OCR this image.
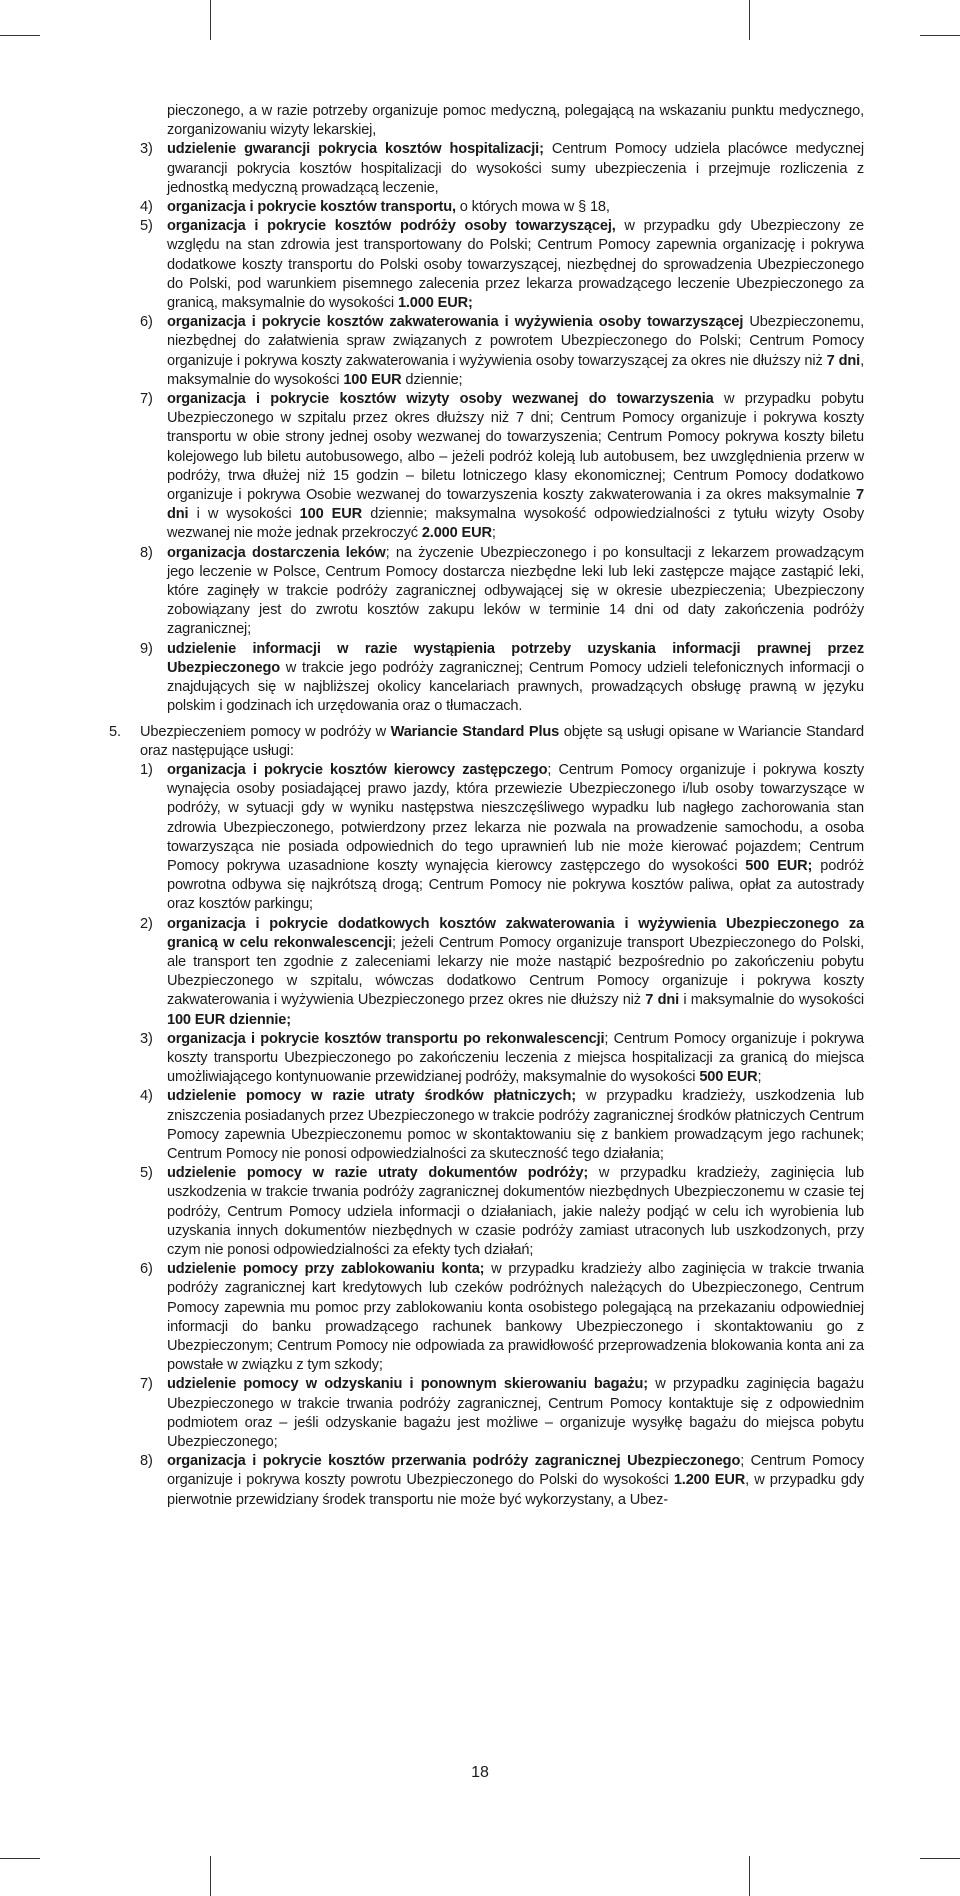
pieczonego, a w razie potrzeby organizuje pomoc medyczną, polegającą na wskazaniu punktu medycznego, zorganizowaniu wizyty lekarskiej,
3) udzielenie gwarancji pokrycia kosztów hospitalizacji; Centrum Pomocy udziela placówce medycznej gwarancji pokrycia kosztów hospitalizacji do wysokości sumy ubezpieczenia i przejmuje rozliczenia z jednostką medyczną prowadzącą leczenie,
4) organizacja i pokrycie kosztów transportu, o których mowa w § 18,
5) organizacja i pokrycie kosztów podróży osoby towarzyszącej, w przypadku gdy Ubezpieczony ze względu na stan zdrowia jest transportowany do Polski; Centrum Pomocy zapewnia organizację i pokrywa dodatkowe koszty transportu do Polski osoby towarzyszącej, niezbędnej do sprowadzenia Ubezpieczonego do Polski, pod warunkiem pisemnego zalecenia przez lekarza prowadzącego leczenie Ubezpieczonego za granicą, maksymalnie do wysokości 1.000 EUR;
6) organizacja i pokrycie kosztów zakwaterowania i wyżywienia osoby towarzyszącej Ubezpieczonemu, niezbędnej do załatwienia spraw związanych z powrotem Ubezpieczonego do Polski; Centrum Pomocy organizuje i pokrywa koszty zakwaterowania i wyżywienia osoby towarzyszącej za okres nie dłuższy niż 7 dni, maksymalnie do wysokości 100 EUR dziennie;
7) organizacja i pokrycie kosztów wizyty osoby wezwanej do towarzyszenia w przypadku pobytu Ubezpieczonego w szpitalu przez okres dłuższy niż 7 dni; Centrum Pomocy organizuje i pokrywa koszty transportu w obie strony jednej osoby wezwanej do towarzyszenia; Centrum Pomocy pokrywa koszty biletu kolejowego lub biletu autobusowego, albo – jeżeli podróż koleją lub autobusem, bez uwzględnienia przerw w podróży, trwa dłużej niż 15 godzin – biletu lotniczego klasy ekonomicznej; Centrum Pomocy dodatkowo organizuje i pokrywa Osobie wezwanej do towarzyszenia koszty zakwaterowania i za okres maksymalnie 7 dni i w wysokości 100 EUR dziennie; maksymalna wysokość odpowiedzialności z tytułu wizyty Osoby wezwanej nie może jednak przekroczyć 2.000 EUR;
8) organizacja dostarczenia leków; na życzenie Ubezpieczonego i po konsultacji z lekarzem prowadzącym jego leczenie w Polsce, Centrum Pomocy dostarcza niezbędne leki lub leki zastępcze mające zastąpić leki, które zaginęły w trakcie podróży zagranicznej odbywającej się w okresie ubezpieczenia; Ubezpieczony zobowiązany jest do zwrotu kosztów zakupu leków w terminie 14 dni od daty zakończenia podróży zagranicznej;
9) udzielenie informacji w razie wystąpienia potrzeby uzyskania informacji prawnej przez Ubezpieczonego w trakcie jego podróży zagranicznej; Centrum Pomocy udzieli telefonicznych informacji o znajdujących się w najbliższej okolicy kancelariach prawnych, prowadzących obsługę prawną w języku polskim i godzinach ich urzędowania oraz o tłumaczach.
5. Ubezpieczeniem pomocy w podróży w Wariancie Standard Plus objęte są usługi opisane w Wariancie Standard oraz następujące usługi:
1) organizacja i pokrycie kosztów kierowcy zastępczego; Centrum Pomocy organizuje i pokrywa koszty wynajęcia osoby posiadającej prawo jazdy, która przewiezie Ubezpieczonego i/lub osoby towarzyszące w podróży, w sytuacji gdy w wyniku następstwa nieszczęśliwego wypadku lub nagłego zachorowania stan zdrowia Ubezpieczonego, potwierdzony przez lekarza nie pozwala na prowadzenie samochodu, a osoba towarzysząca nie posiada odpowiednich do tego uprawnień lub nie może kierować pojazdem; Centrum Pomocy pokrywa uzasadnione koszty wynajęcia kierowcy zastępczego do wysokości 500 EUR; podróż powrotna odbywa się najkrótszą drogą; Centrum Pomocy nie pokrywa kosztów paliwa, opłat za autostrady oraz kosztów parkingu;
2) organizacja i pokrycie dodatkowych kosztów zakwaterowania i wyżywienia Ubezpieczonego za granicą w celu rekonwalescencji; jeżeli Centrum Pomocy organizuje transport Ubezpieczonego do Polski, ale transport ten zgodnie z zaleceniami lekarzy nie może nastąpić bezpośrednio po zakończeniu pobytu Ubezpieczonego w szpitalu, wówczas dodatkowo Centrum Pomocy organizuje i pokrywa koszty zakwaterowania i wyżywienia Ubezpieczonego przez okres nie dłuższy niż 7 dni i maksymalnie do wysokości 100 EUR dziennie;
3) organizacja i pokrycie kosztów transportu po rekonwalescencji; Centrum Pomocy organizuje i pokrywa koszty transportu Ubezpieczonego po zakończeniu leczenia z miejsca hospitalizacji za granicą do miejsca umożliwiającego kontynuowanie przewidzianej podróży, maksymalnie do wysokości 500 EUR;
4) udzielenie pomocy w razie utraty środków płatniczych; w przypadku kradzieży, uszkodzenia lub zniszczenia posiadanych przez Ubezpieczonego w trakcie podróży zagranicznej środków płatniczych Centrum Pomocy zapewnia Ubezpieczonemu pomoc w skontaktowaniu się z bankiem prowadzącym jego rachunek; Centrum Pomocy nie ponosi odpowiedzialności za skuteczność tego działania;
5) udzielenie pomocy w razie utraty dokumentów podróży; w przypadku kradzieży, zaginięcia lub uszkodzenia w trakcie trwania podróży zagranicznej dokumentów niezbędnych Ubezpieczonemu w czasie tej podróży, Centrum Pomocy udziela informacji o działaniach, jakie należy podjąć w celu ich wyrobienia lub uzyskania innych dokumentów niezbędnych w czasie podróży zamiast utraconych lub uszkodzonych, przy czym nie ponosi odpowiedzialności za efekty tych działań;
6) udzielenie pomocy przy zablokowaniu konta; w przypadku kradzieży albo zaginięcia w trakcie trwania podróży zagranicznej kart kredytowych lub czeków podróżnych należących do Ubezpieczonego, Centrum Pomocy zapewnia mu pomoc przy zablokowaniu konta osobistego polegającą na przekazaniu odpowiedniej informacji do banku prowadzącego rachunek bankowy Ubezpieczonego i skontaktowaniu go z Ubezpieczonym; Centrum Pomocy nie odpowiada za prawidłowość przeprowadzenia blokowania konta ani za powstałe w związku z tym szkody;
7) udzielenie pomocy w odzyskaniu i ponownym skierowaniu bagażu; w przypadku zaginięcia bagażu Ubezpieczonego w trakcie trwania podróży zagranicznej, Centrum Pomocy kontaktuje się z odpowiednim podmiotem oraz – jeśli odzyskanie bagażu jest możliwe – organizuje wysyłkę bagażu do miejsca pobytu Ubezpieczonego;
8) organizacja i pokrycie kosztów przerwania podróży zagranicznej Ubezpieczonego; Centrum Pomocy organizuje i pokrywa koszty powrotu Ubezpieczonego do Polski do wysokości 1.200 EUR, w przypadku gdy pierwotnie przewidziany środek transportu nie może być wykorzystany, a Ubez-
18
